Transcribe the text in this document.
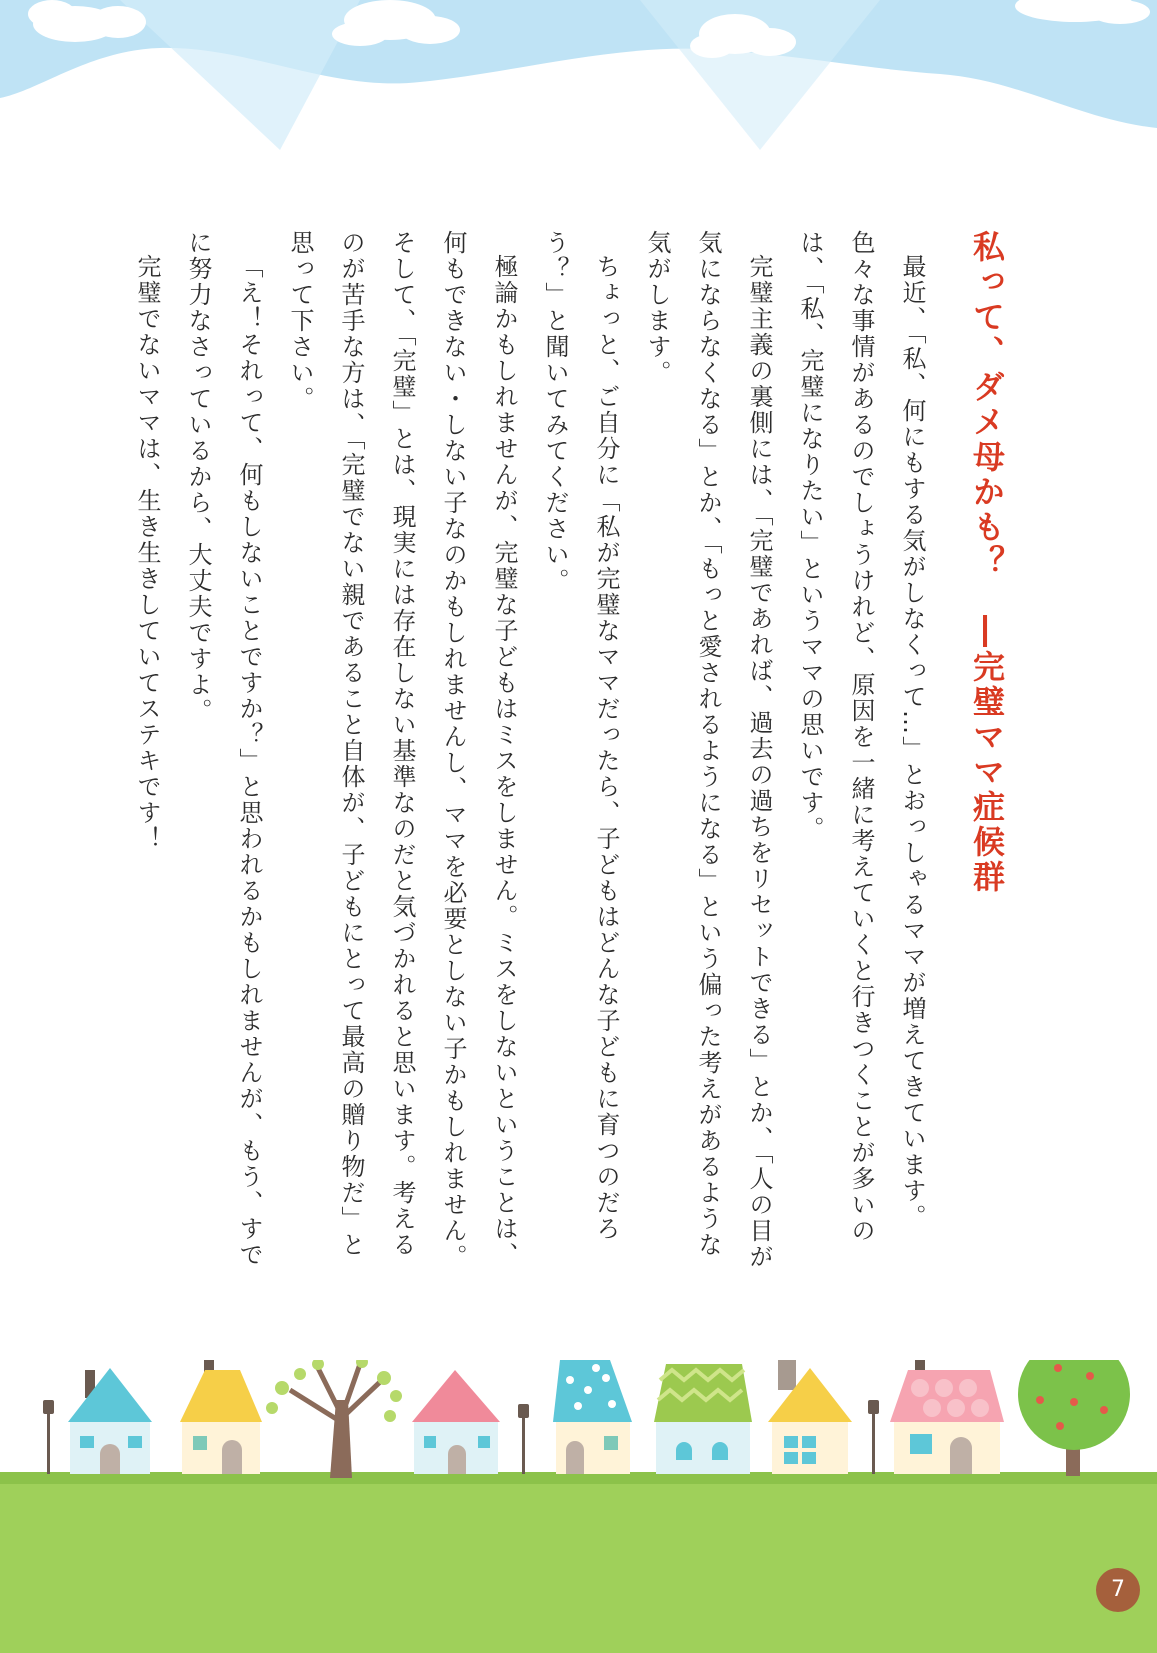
私って、ダメ母かも？　―完璧ママ症候群

最近、「私、何にもする気がしなくって…」とおっしゃるママが増えてきています。色々な事情があるのでしょうけれど、原因を一緒に考えていくと行きつくことが多いのは、「私、完璧になりたい」というママの思いです。

完璧主義の裏側には、「完璧であれば、過去の過ちをリセットできる」とか、「人の目が気にならなくなる」とか、「もっと愛されるようになる」という偏った考えがあるような気がします。

ちょっと、ご自分に「私が完璧なママだったら、子どもはどんな子どもに育つのだろう？」と聞いてみてください。

極論かもしれませんが、完璧な子どもはミスをしません。ミスをしないということは、何もできない・しない子なのかもしれませんし、ママを必要としない子かもしれません。そして、「完璧」とは、現実には存在しない基準なのだと気づかれると思います。考えるのが苦手な方は、「完璧でない親であること自体が、子どもにとって最高の贈り物だ」と思って下さい。

「え！それって、何もしないことですか？」と思われるかもしれませんが、もう、すでに努力なさっているから、大丈夫ですよ。

完璧でないママは、生き生きしていてステキです！

7
